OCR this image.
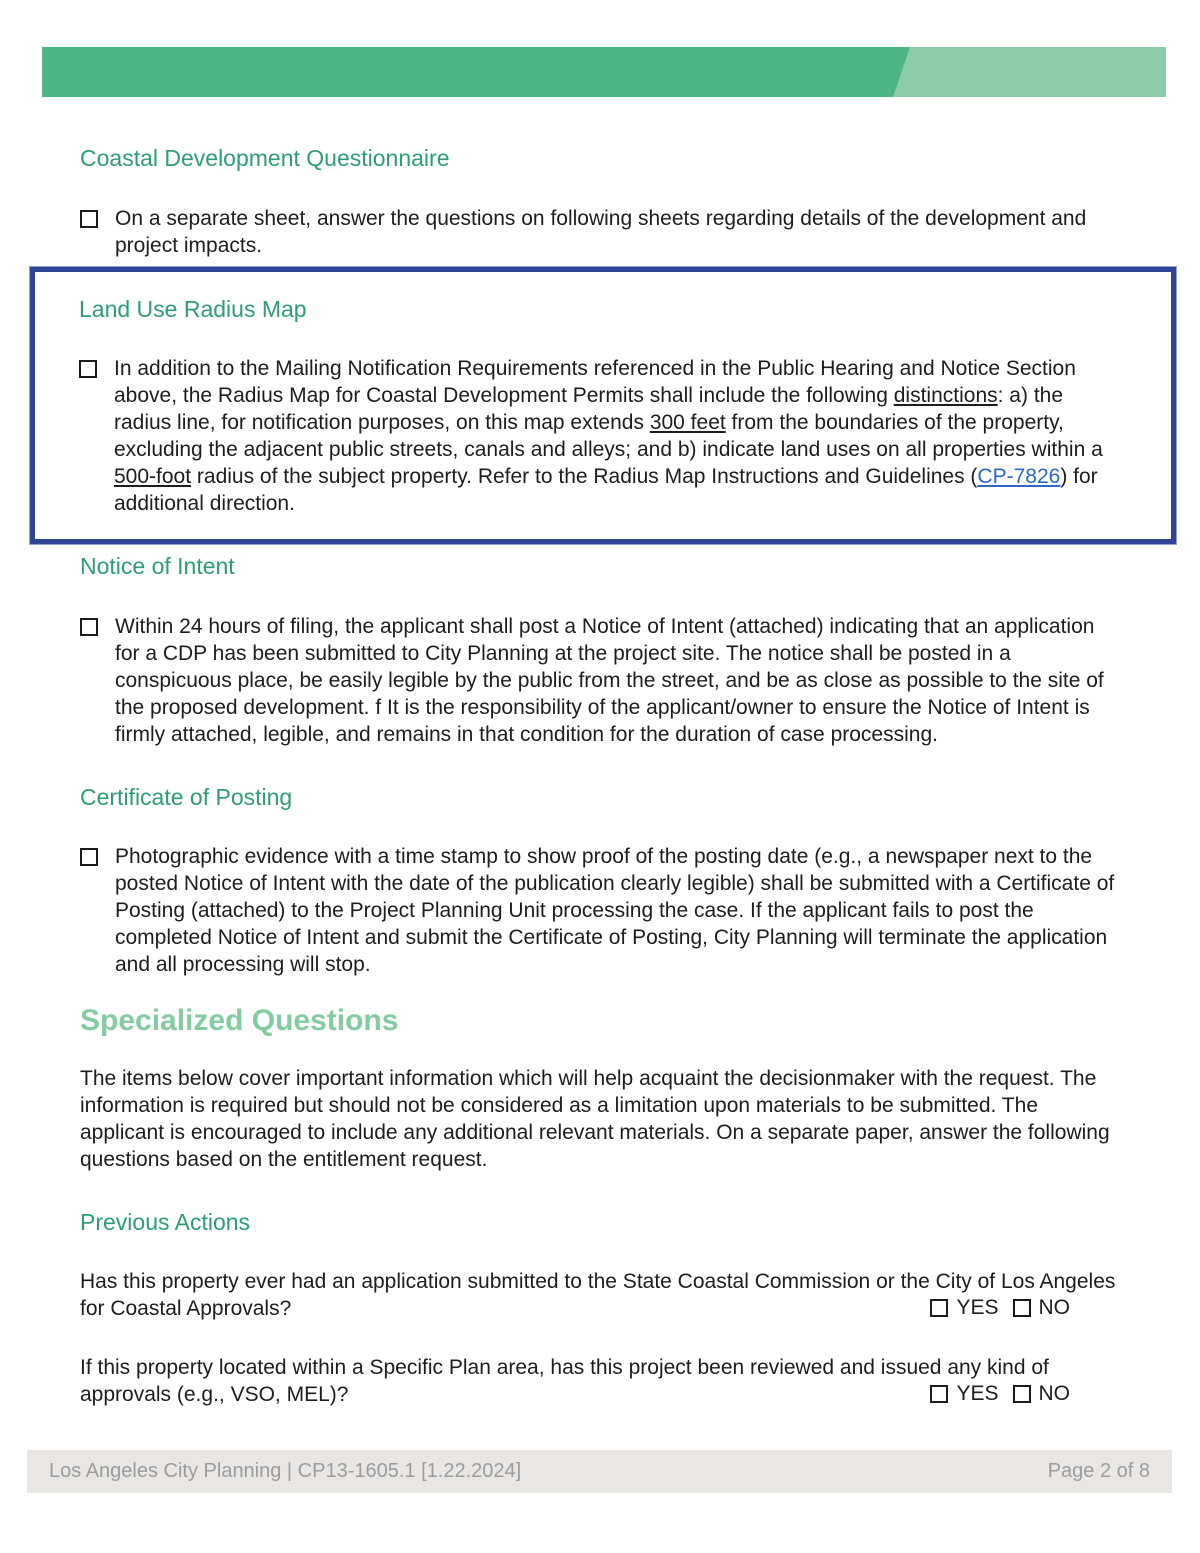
Coastal Development Questionnaire

On a separate sheet, answer the questions on following sheets regarding details of the development and project impacts.

Land Use Radius Map

In addition to the Mailing Notification Requirements referenced in the Public Hearing and Notice Section above, the Radius Map for Coastal Development Permits shall include the following distinctions: a) the radius line, for notification purposes, on this map extends 300 feet from the boundaries of the property, excluding the adjacent public streets, canals and alleys; and b) indicate land uses on all properties within a 500-foot radius of the subject property. Refer to the Radius Map Instructions and Guidelines (CP-7826) for additional direction.

Notice of Intent

Within 24 hours of filing, the applicant shall post a Notice of Intent (attached) indicating that an application for a CDP has been submitted to City Planning at the project site. The notice shall be posted in a conspicuous place, be easily legible by the public from the street, and be as close as possible to the site of the proposed development. f It is the responsibility of the applicant/owner to ensure the Notice of Intent is firmly attached, legible, and remains in that condition for the duration of case processing.

Certificate of Posting

Photographic evidence with a time stamp to show proof of the posting date (e.g., a newspaper next to the posted Notice of Intent with the date of the publication clearly legible) shall be submitted with a Certificate of Posting (attached) to the Project Planning Unit processing the case. If the applicant fails to post the completed Notice of Intent and submit the Certificate of Posting, City Planning will terminate the application and all processing will stop.

Specialized Questions

The items below cover important information which will help acquaint the decisionmaker with the request. The information is required but should not be considered as a limitation upon materials to be submitted. The applicant is encouraged to include any additional relevant materials. On a separate paper, answer the following questions based on the entitlement request.

Previous Actions

Has this property ever had an application submitted to the State Coastal Commission or the City of Los Angeles for Coastal Approvals?	YES NO

If this property located within a Specific Plan area, has this project been reviewed and issued any kind of approvals (e.g., VSO, MEL)?	YES NO
Los Angeles City Planning | CP13-1605.1 [1.22.2024]	Page 2 of 8
